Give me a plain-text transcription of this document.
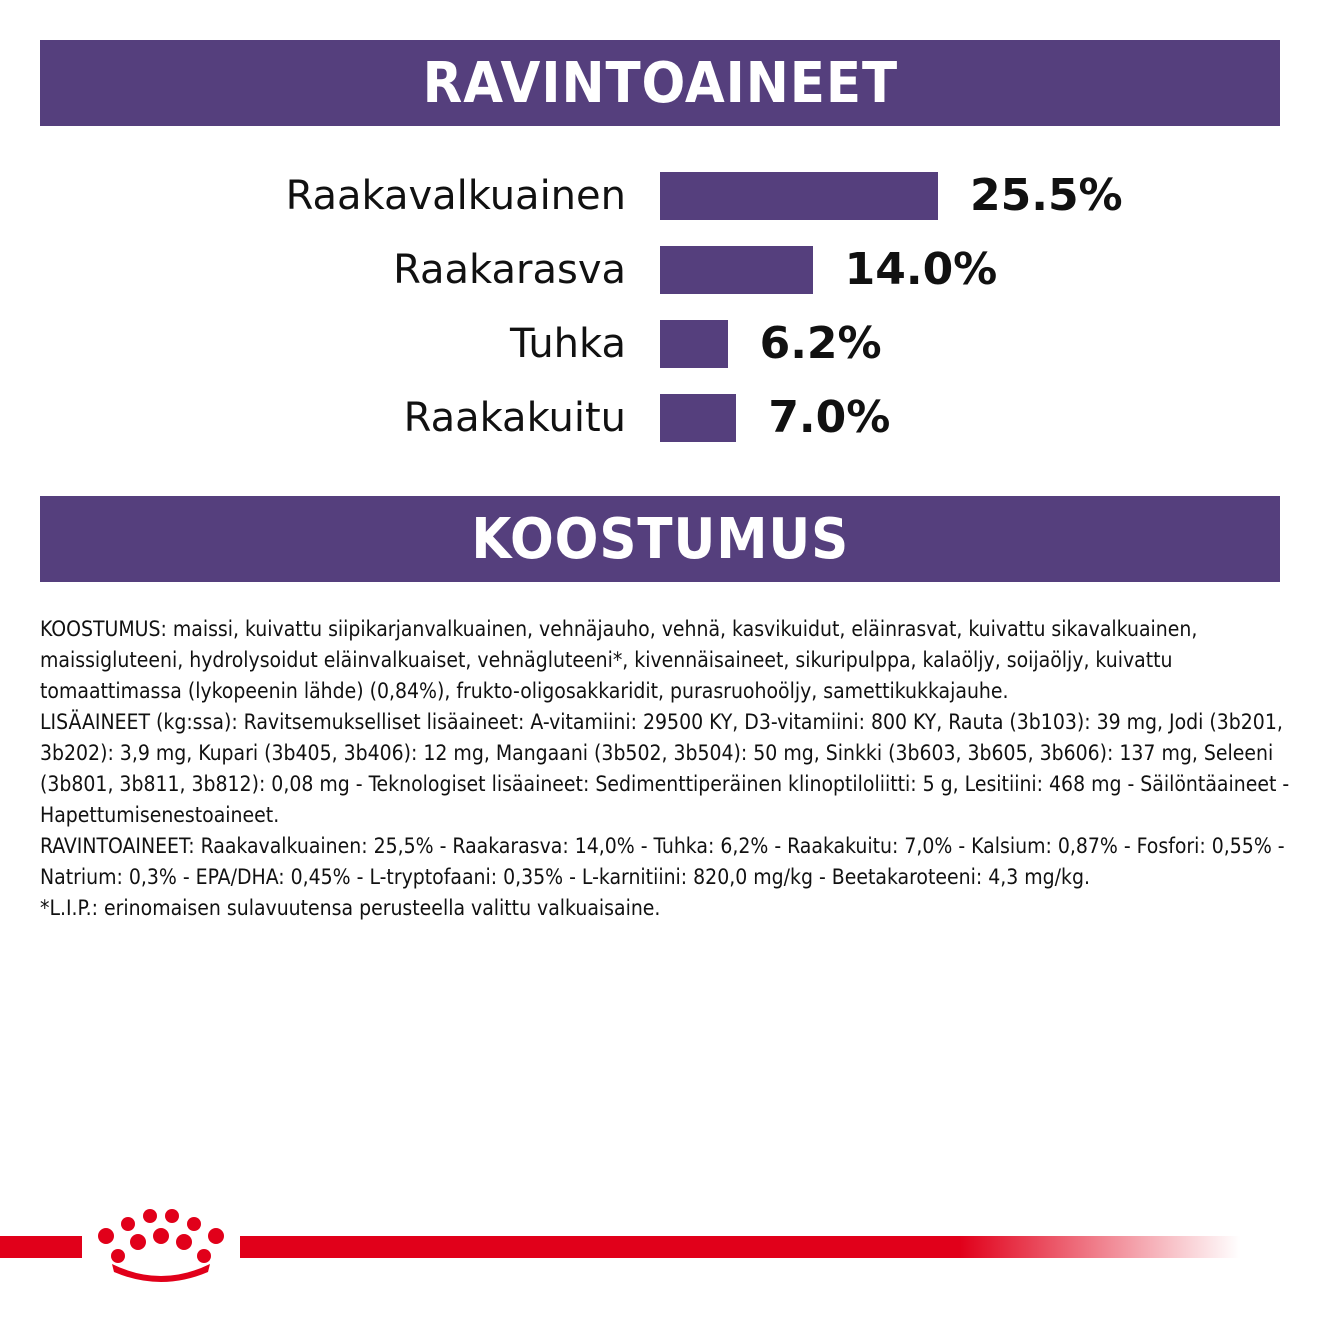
RAVINTOAINEET
Raakavalkuainen	25.5%
Raakarasva	14.0%
Tuhka	6.2%
Raakakuitu	7.0%
KOOSTUMUS

KOOSTUMUS: maissi, kuivattu siipikarjanvalkuainen, vehnäjauho, vehnä, kasvikuidut, eläinrasvat, kuivattu sikavalkuainen, maissigluteeni, hydrolysoidut eläinvalkuaiset, vehnägluteeni*, kivennäisaineet, sikuripulppa, kalaöljy, soijaöljy, kuivattu tomaattimassa (lykopeenin lähde) (0,84%), frukto-oligosakkaridit, purasruohoöljy, samettikukkajauhe.

LISÄAINEET (kg:ssa): Ravitsemukselliset lisäaineet: A-vitamiini: 29500 KY, D3-vitamiini: 800 KY, Rauta (3b103): 39 mg, Jodi (3b201, 3b202): 3,9 mg, Kupari (3b405, 3b406): 12 mg, Mangaani (3b502, 3b504): 50 mg, Sinkki (3b603, 3b605, 3b606): 137 mg, Seleeni (3b801, 3b811, 3b812): 0,08 mg - Teknologiset lisäaineet: Sedimenttiperäinen klinoptiloliitti: 5 g, Lesitiini: 468 mg - Säilöntäaineet - Hapettumisenestoaineet.

RAVINTOAINEET: Raakavalkuainen: 25,5% - Raakarasva: 14,0% - Tuhka: 6,2% - Raakakuitu: 7,0% - Kalsium: 0,87% - Fosfori: 0,55% - Natrium: 0,3% - EPA/DHA: 0,45% - L-tryptofaani: 0,35% - L-karnitiini: 820,0 mg/kg - Beetakaroteeni: 4,3 mg/kg.

*L.I.P.: erinomaisen sulavuutensa perusteella valittu valkuaisaine.
